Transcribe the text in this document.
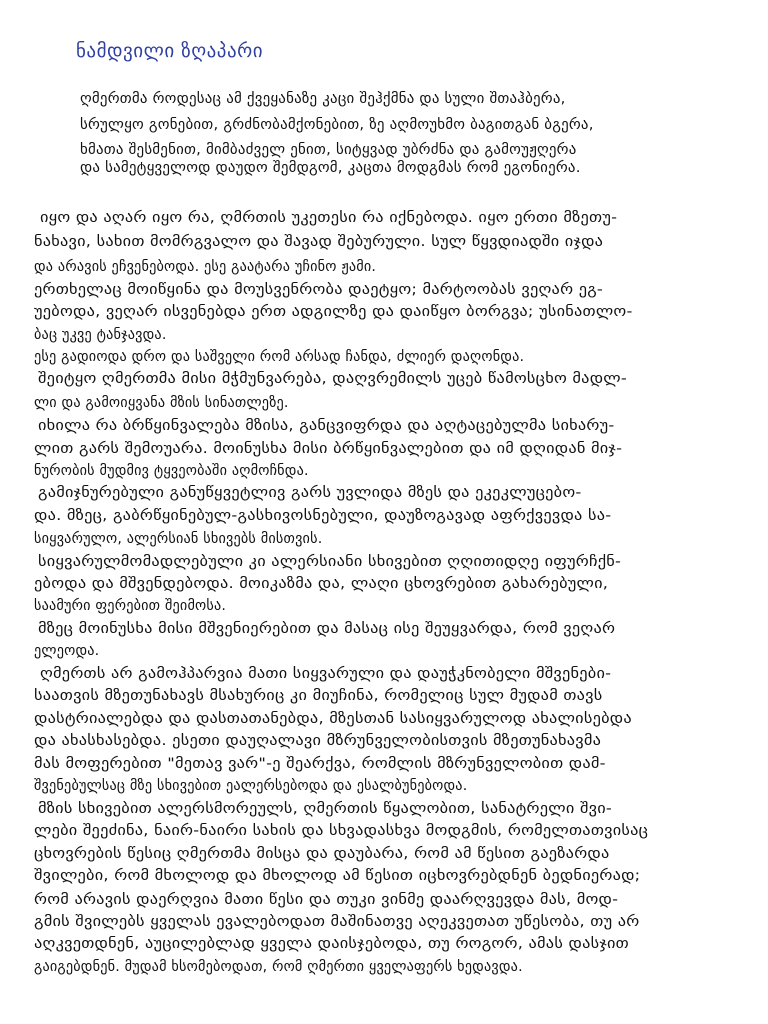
ნამდვილი ზღაპარი
ღმერთმა როდესაც ამ ქვეყანაზე კაცი შეჰქმნა და სული შთაჰბერა,
სრულყო გონებით, გრძნობამქონებით, ზე აღმოუხმო ბაგითგან ბგერა,
ხმათა შესმენით, მიმბაძველ ენით, სიტყვად უბრძნა და გამოუჟღერა
და სამეტყველოდ დაუდო შემდგომ, კაცთა მოდგმას რომ ეგონიერა.
იყო და აღარ იყო რა, ღმრთის უკეთესი რა იქნებოდა. იყო ერთი მზეთუ-
ნახავი, სახით მომრგვალო და შავად შებურული. სულ წყვდიადში იჯდა
და არავის ეჩვენებოდა. ესე გაატარა უჩინო ჟამი.
ერთხელაც მოიწყინა და მოუსვენრობა დაეტყო; მარტოობას ვეღარ ეგ-
უებოდა, ვეღარ ისვენებდა ერთ ადგილზე და დაიწყო ბორგვა; უსინათლო-
ბაც უკვე ტანჯავდა.
ესე გადიოდა დრო და საშველი რომ არსად ჩანდა, ძლიერ დაღონდა.
შეიტყო ღმერთმა მისი მჭმუნვარება, დაღვრემილს უცებ წამოსცხო მადლ-
ლი და გამოიყვანა მზის სინათლეზე.
იხილა რა ბრწყინვალება მზისა, განცვიფრდა და აღტაცებულმა სიხარუ-
ლით გარს შემოუარა. მოინუსხა მისი ბრწყინვალებით და იმ დღიდან მიჯ-
ნურობის მუდმივ ტყვეობაში აღმოჩნდა.
გამიჯნურებული განუწყვეტლივ გარს უვლიდა მზეს და ეკეკლუცებო-
და. მზეც, გაბრწყინებულ-გასხივოსნებული, დაუზოგავად აფრქვევდა სა-
სიყვარულო, ალერსიან სხივებს მისთვის.
სიყვარულმომადლებული კი ალერსიანი სხივებით ღღითიდღე იფურჩქნ-
ებოდა და მშვენდებოდა. მოიკაზმა და, ლაღი ცხოვრებით გახარებული,
საამური ფერებით შეიმოსა.
მზეც მოინუსხა მისი მშვენიერებით და მასაც ისე შეუყვარდა, რომ ვეღარ
ელეოდა.
ღმერთს არ გამოჰპარვია მათი სიყვარული და დაუჭკნობელი მშვენები-
საათვის მზეთუნახავს მსახურიც კი მიუჩინა, რომელიც სულ მუდამ თავს
დასტრიალებდა და დასთათანებდა, მზესთან სასიყვარულოდ ახალისებდა
და ახასხასებდა. ესეთი დაუღალავი მზრუნველობისთვის მზეთუნახავმა
მას მოფერებით "მეთავ ვარ"-ე შეარქვა, რომლის მზრუნველობით დამ-
შვენებულსაც მზე სხივებით ეალერსებოდა და ესალბუნებოდა.
მზის სხივებით ალერსმორეულს, ღმერთის წყალობით, სანატრელი შვი-
ლები შეეძინა, ნაირ-ნაირი სახის და სხვადასხვა მოდგმის, რომელთათვისაც
ცხოვრების წესიც ღმერთმა მისცა და დაუბარა, რომ ამ წესით გაეზარდა
შვილები, რომ მხოლოდ და მხოლოდ ამ წესით იცხოვრებდნენ ბედნიერად;
რომ არავის დაერღვია მათი წესი და თუკი ვინმე დაარღვევდა მას, მოდ-
გმის შვილებს ყველას ევალებოდათ მაშინათვე აღეკვეთათ უწესობა, თუ არ
აღკვეთდნენ, აუცილებლად ყველა დაისჯებოდა, თუ როგორ, ამას დასჯით
გაიგებდნენ. მუდამ ხსომებოდათ, რომ ღმერთი ყველაფერს ხედავდა.
